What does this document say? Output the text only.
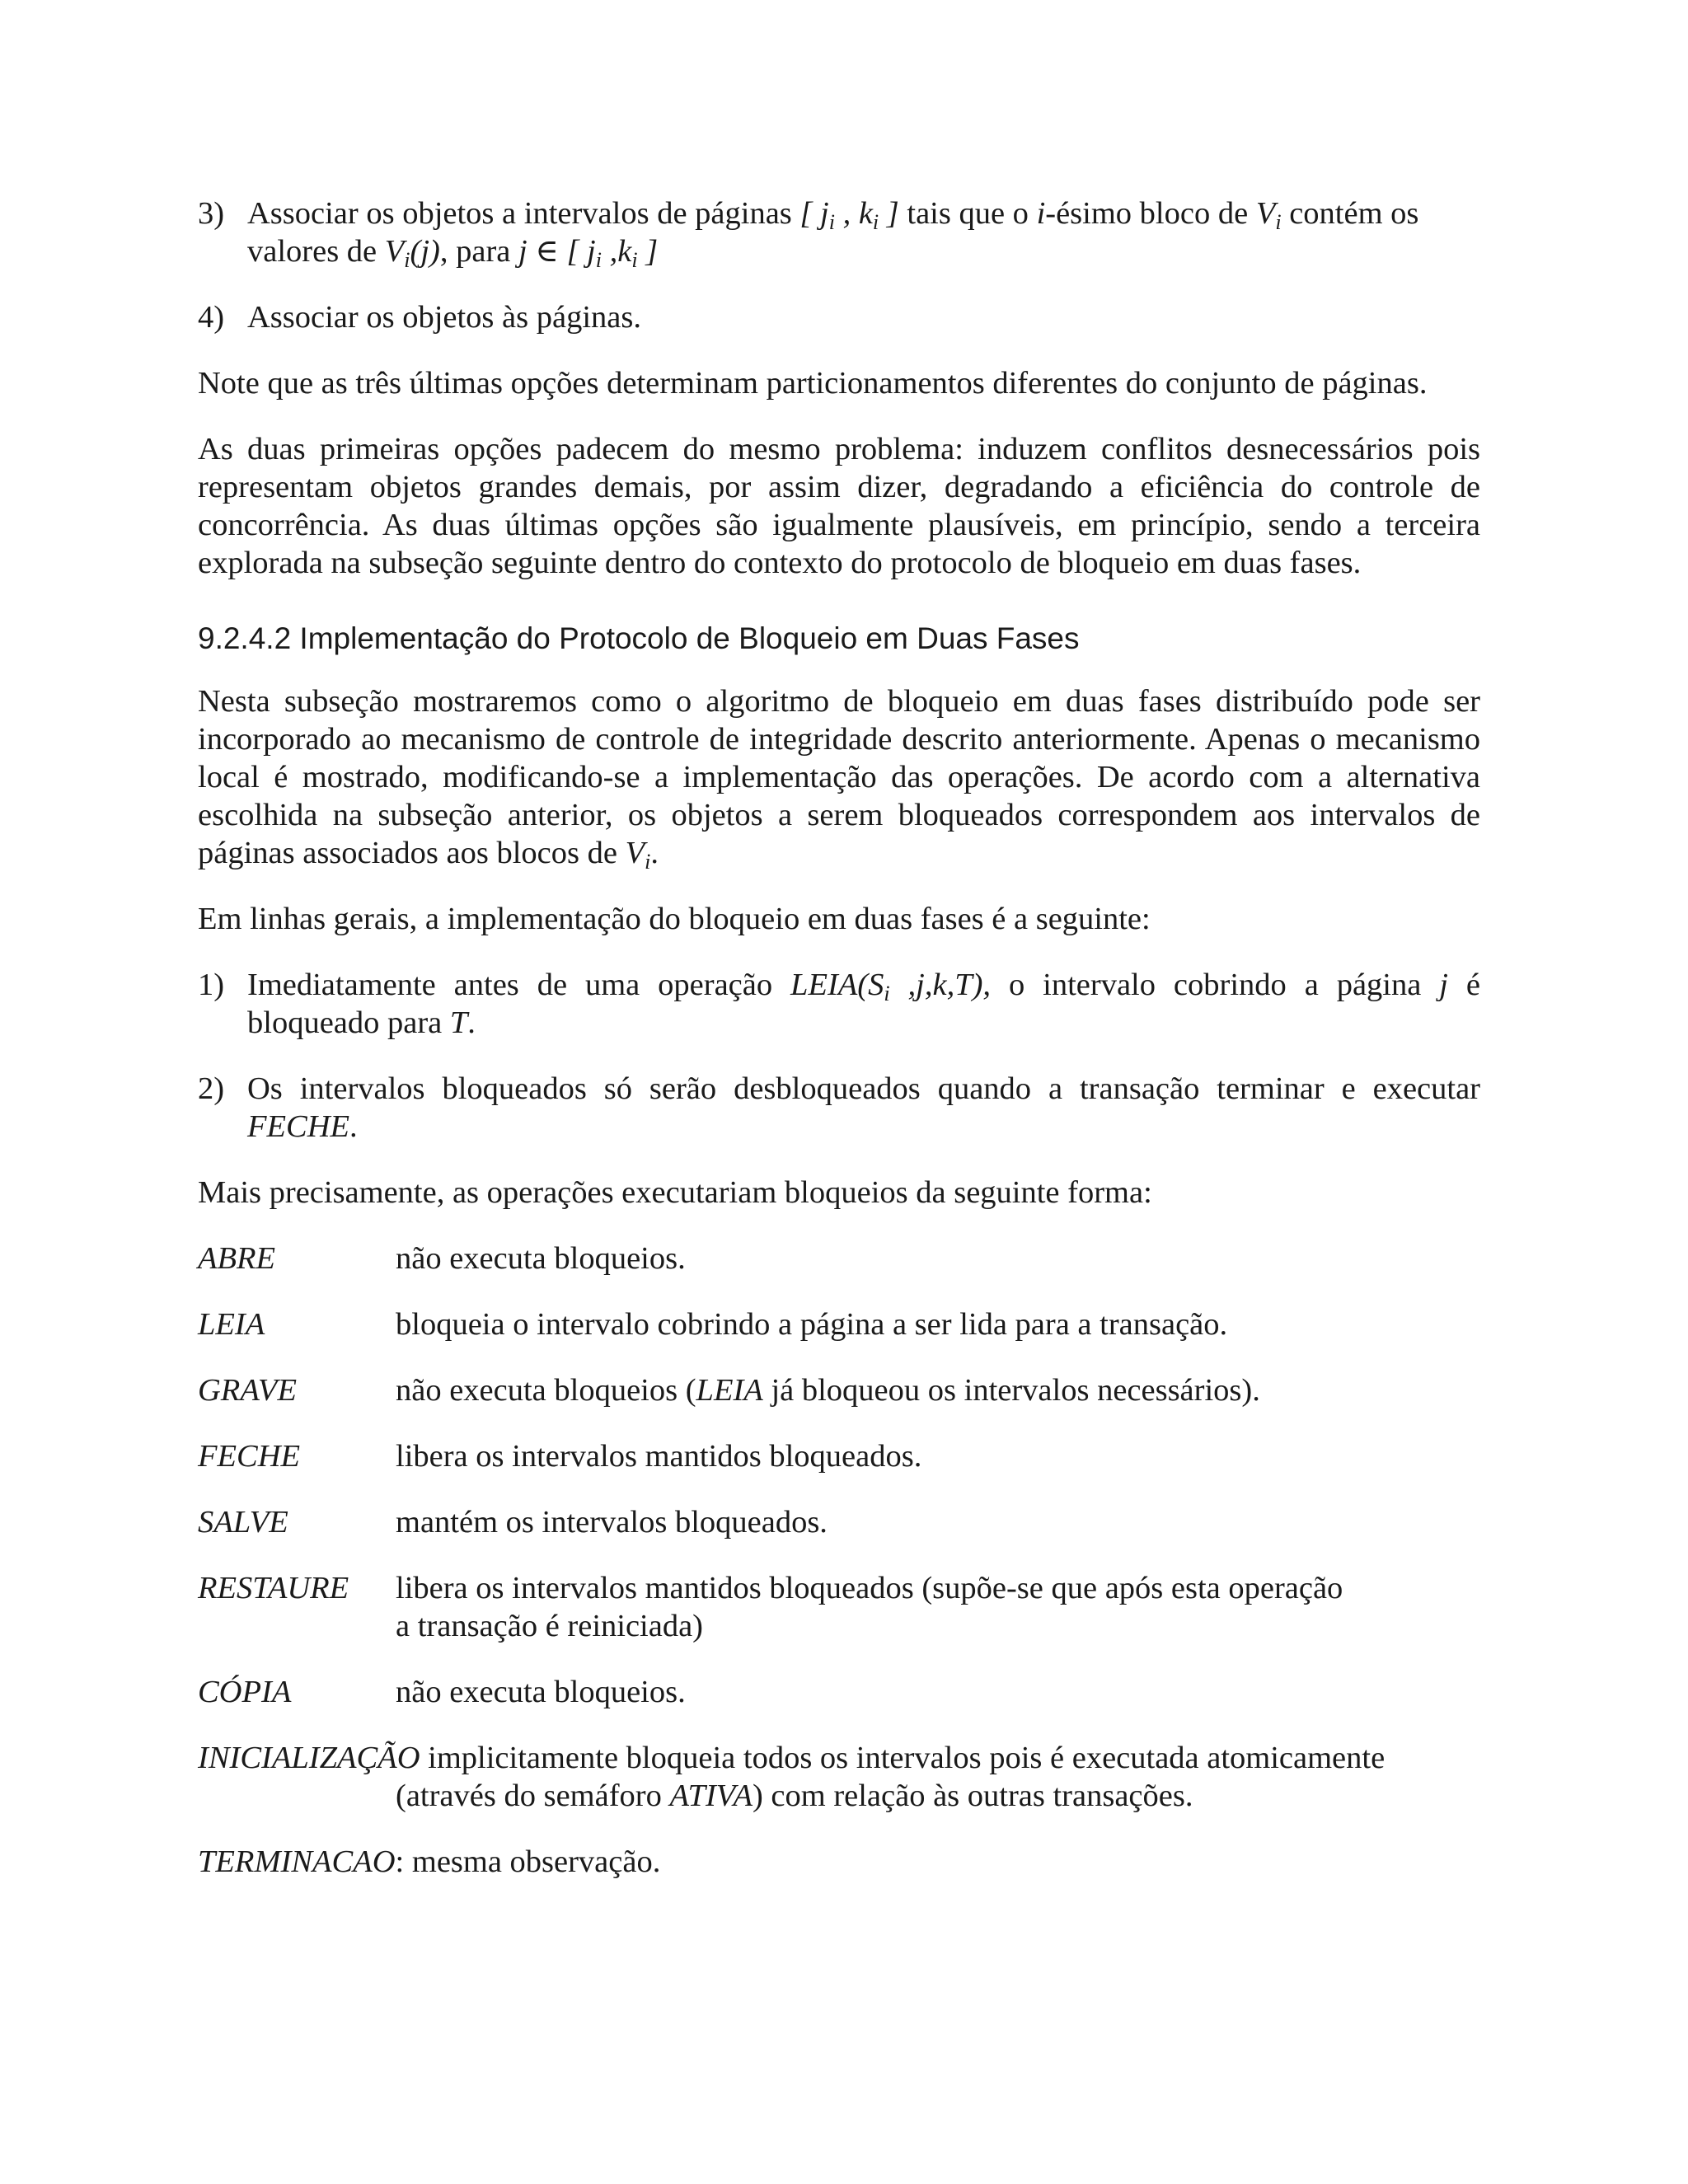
3) Associar os objetos a intervalos de páginas [ $j_i$ , $k_i$ ] tais que o i-ésimo bloco de $V_i$ contém os valores de $V_i(j)$, para j ∈ [ $j_i$ $,k_i$ ]
4) Associar os objetos às páginas.

Note que as três últimas opções determinam particionamentos diferentes do conjunto de páginas.

As duas primeiras opções padecem do mesmo problema: induzem conflitos desnecessários pois representam objetos grandes demais, por assim dizer, degradando a eficiência do controle de concorrência. As duas últimas opções são igualmente plausíveis, em princípio, sendo a terceira explorada na subseção seguinte dentro do contexto do protocolo de bloqueio em duas fases.

9.2.4.2 Implementação do Protocolo de Bloqueio em Duas Fases

Nesta subseção mostraremos como o algoritmo de bloqueio em duas fases distribuído pode ser incorporado ao mecanismo de controle de integridade descrito anteriormente. Apenas o mecanismo local é mostrado, modificando-se a implementação das operações. De acordo com a alternativa escolhida na subseção anterior, os objetos a serem bloqueados correspondem aos intervalos de páginas associados aos blocos de $V_i$.

Em linhas gerais, a implementação do bloqueio em duas fases é a seguinte:

1) Imediatamente antes de uma operação $LEIA(S_i$ ,j,k,T), o intervalo cobrindo a página j é bloqueado para T.
2) Os intervalos bloqueados só serão desbloqueados quando a transação terminar e executar FECHE.

Mais precisamente, as operações executariam bloqueios da seguinte forma:

ABRE	não executa bloqueios.
LEIA	bloqueia o intervalo cobrindo a página a ser lida para a transação.
GRAVE	não executa bloqueios (LEIA já bloqueou os intervalos necessários).
FECHE	libera os intervalos mantidos bloqueados.
SALVE	mantém os intervalos bloqueados.
RESTAURE	libera os intervalos mantidos bloqueados (supõe-se que após esta operação
a transação é reiniciada)
CÓPIA	não executa bloqueios.
INICIALIZAÇÃO implicitamente bloqueia todos os intervalos pois é executada atomicamente
(através do semáforo ATIVA) com relação às outras transações.
TERMINACAO: mesma observação.
